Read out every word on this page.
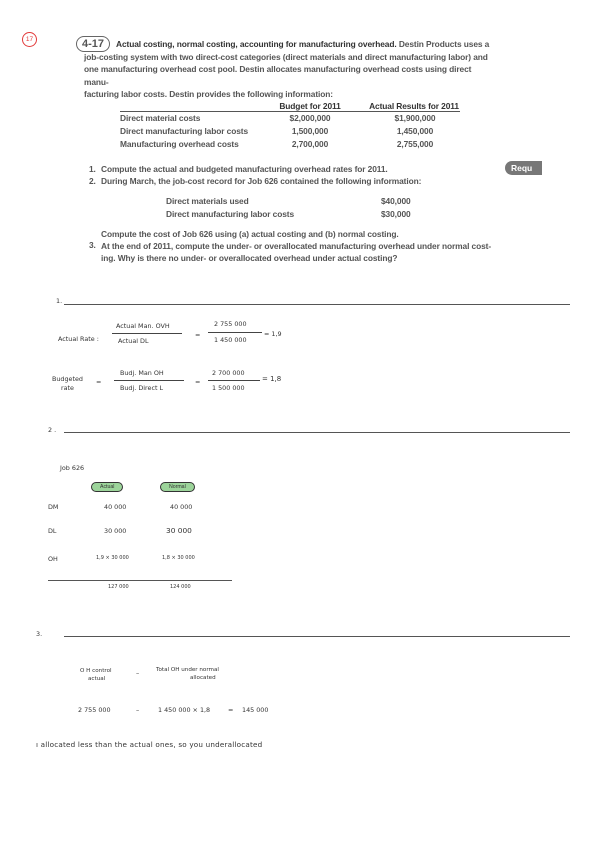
17	4-17	Actual costing, normal costing, accounting for manufacturing overhead. Destin Products uses a
job-costing system with two direct-cost categories (direct materials and direct manufacturing labor) and
one manufacturing overhead cost pool. Destin allocates manufacturing overhead costs using direct manu-
facturing labor costs. Destin provides the following information:
Budget for 2011	Actual Results for 2011
Direct material costs	$2,000,000	$1,900,000
Direct manufacturing labor costs	1,500,000	1,450,000
Manufacturing overhead costs	2,700,000	2,755,000
1. Compute the actual and budgeted manufacturing overhead rates for 2011.	Requ
2. During March, the job-cost record for Job 626 contained the following information:
Direct materials used	$40,000
Direct manufacturing labor costs	$30,000
Compute the cost of Job 626 using (a) actual costing and (b) normal costing.
3. At the end of 2011, compute the under- or overallocated manufacturing overhead under normal cost-
ing. Why is there no under- or overallocated overhead under actual costing?
1.
Actual Rate :
Actual Man. OVH
Actual DL
=
2 755 000
1 450 000
= 1,9
Budgeted
rate
=
Budj. Man OH
Budj. Direct L
=
2 700 000
1 500 000
= 1,8
2 .
Job 626
Actual	Normal
DM	40 000	40 000
DL	30 000	30 000
OH	1,9 × 30 000	1,8 × 30 000
127 000	124 000
3.
O H control
actual
–	Total OH under normal
allocated
2 755 000	–	1 450 000 × 1,8	= 145 000
ı allocated less than the actual ones, so you underallocated
